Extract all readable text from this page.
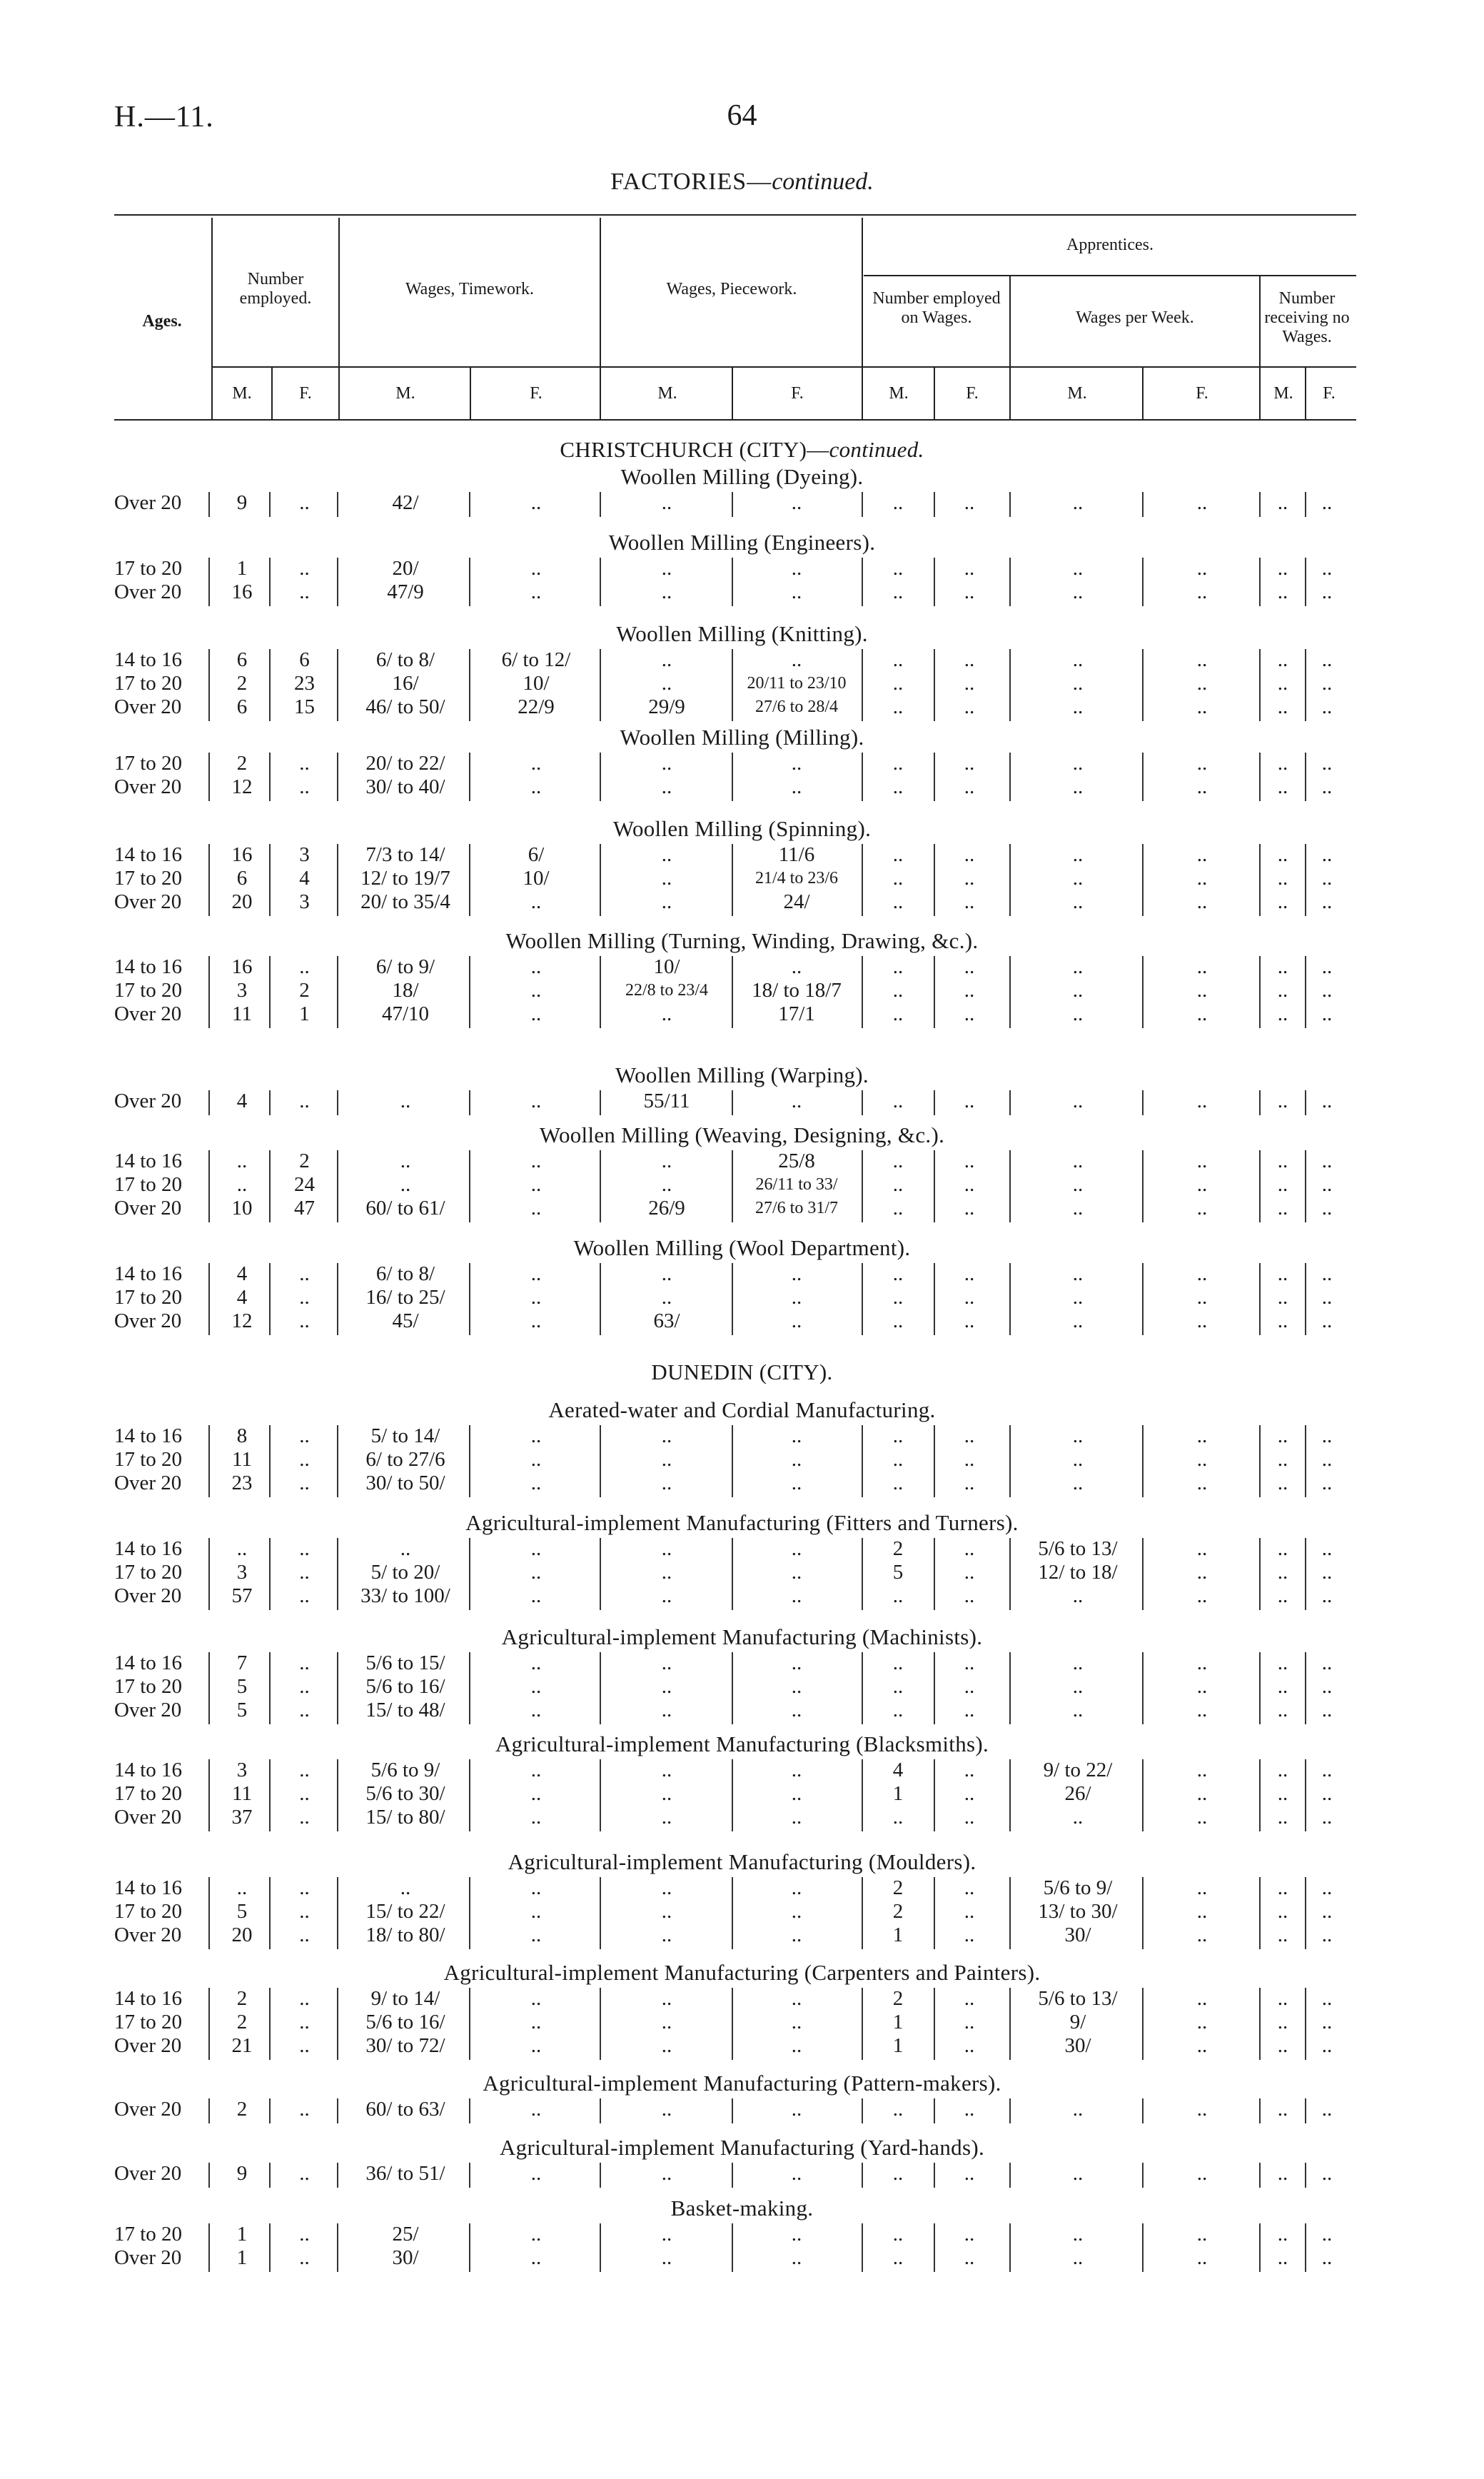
H.—11.	64
FACTORIES—continued.
Ages.
Number employed.	Wages, Timework.	Wages, Piecework.
Apprentices.
Number employed on Wages.	Wages per Week.
Number receiving no Wages.
M.	F.	M.	F.	M.	F.	M.	F.	M.	F.	M.	F.
CHRISTCHURCH (CITY)—continued.
DUNEDIN (CITY).
Woollen Milling (Dyeing).
Over 20	9	..	42/	..	..	..	..	..	..	..	..	..
Woollen Milling (Engineers).
17 to 20	1	..	20/	..	..	..	..	..	..	..	..	..
Over 20	16	..	47/9	..	..	..	..	..	..	..	..	..
Woollen Milling (Knitting).
14 to 16	6	6	6/ to 8/	6/ to 12/	..	..	..	..	..	..	..	..
17 to 20	2	23	16/	10/	..	20/11 to 23/10	..	..	..	..	..	..
Over 20	6	15	46/ to 50/	22/9	29/9	27/6 to 28/4	..	..	..	..	..	..
Woollen Milling (Milling).
17 to 20	2	..	20/ to 22/	..	..	..	..	..	..	..	..	..
Over 20	12	..	30/ to 40/	..	..	..	..	..	..	..	..	..
Woollen Milling (Spinning).
14 to 16	16	3	7/3 to 14/	6/	..	11/6	..	..	..	..	..	..
17 to 20	6	4	12/ to 19/7	10/	..	21/4 to 23/6	..	..	..	..	..	..
Over 20	20	3	20/ to 35/4	..	..	24/	..	..	..	..	..	..
Woollen Milling (Turning, Winding, Drawing, &c.).
14 to 16	16	..	6/ to 9/	..	10/	..	..	..	..	..	..	..
17 to 20	3	2	18/	..	22/8 to 23/4	18/ to 18/7	..	..	..	..	..	..
Over 20	11	1	47/10	..	..	17/1	..	..	..	..	..	..
Woollen Milling (Warping).
Over 20	4	..	..	..	55/11	..	..	..	..	..	..	..
Woollen Milling (Weaving, Designing, &c.).
14 to 16	..	2	..	..	..	25/8	..	..	..	..	..	..
17 to 20	..	24	..	..	..	26/11 to 33/	..	..	..	..	..	..
Over 20	10	47	60/ to 61/	..	26/9	27/6 to 31/7	..	..	..	..	..	..
Woollen Milling (Wool Department).
14 to 16	4	..	6/ to 8/	..	..	..	..	..	..	..	..	..
17 to 20	4	..	16/ to 25/	..	..	..	..	..	..	..	..	..
Over 20	12	..	45/	..	63/	..	..	..	..	..	..	..
Aerated-water and Cordial Manufacturing.
14 to 16	8	..	5/ to 14/	..	..	..	..	..	..	..	..	..
17 to 20	11	..	6/ to 27/6	..	..	..	..	..	..	..	..	..
Over 20	23	..	30/ to 50/	..	..	..	..	..	..	..	..	..
Agricultural-implement Manufacturing (Fitters and Turners).
14 to 16	..	..	..	..	..	..	2	..	5/6 to 13/	..	..	..
17 to 20	3	..	5/ to 20/	..	..	..	5	..	12/ to 18/	..	..	..
Over 20	57	..	33/ to 100/	..	..	..	..	..	..	..	..	..
Agricultural-implement Manufacturing (Machinists).
14 to 16	7	..	5/6 to 15/	..	..	..	..	..	..	..	..	..
17 to 20	5	..	5/6 to 16/	..	..	..	..	..	..	..	..	..
Over 20	5	..	15/ to 48/	..	..	..	..	..	..	..	..	..
Agricultural-implement Manufacturing (Blacksmiths).
14 to 16	3	..	5/6 to 9/	..	..	..	4	..	9/ to 22/	..	..	..
17 to 20	11	..	5/6 to 30/	..	..	..	1	..	26/	..	..	..
Over 20	37	..	15/ to 80/	..	..	..	..	..	..	..	..	..
Agricultural-implement Manufacturing (Moulders).
14 to 16	..	..	..	..	..	..	2	..	5/6 to 9/	..	..	..
17 to 20	5	..	15/ to 22/	..	..	..	2	..	13/ to 30/	..	..	..
Over 20	20	..	18/ to 80/	..	..	..	1	..	30/	..	..	..
Agricultural-implement Manufacturing (Carpenters and Painters).
14 to 16	2	..	9/ to 14/	..	..	..	2	..	5/6 to 13/	..	..	..
17 to 20	2	..	5/6 to 16/	..	..	..	1	..	9/	..	..	..
Over 20	21	..	30/ to 72/	..	..	..	1	..	30/	..	..	..
Agricultural-implement Manufacturing (Pattern-makers).
Over 20	2	..	60/ to 63/	..	..	..	..	..	..	..	..	..
Agricultural-implement Manufacturing (Yard-hands).
Over 20	9	..	36/ to 51/	..	..	..	..	..	..	..	..	..
Basket-making.
17 to 20	1	..	25/	..	..	..	..	..	..	..	..	..
Over 20	1	..	30/	..	..	..	..	..	..	..	..	..
